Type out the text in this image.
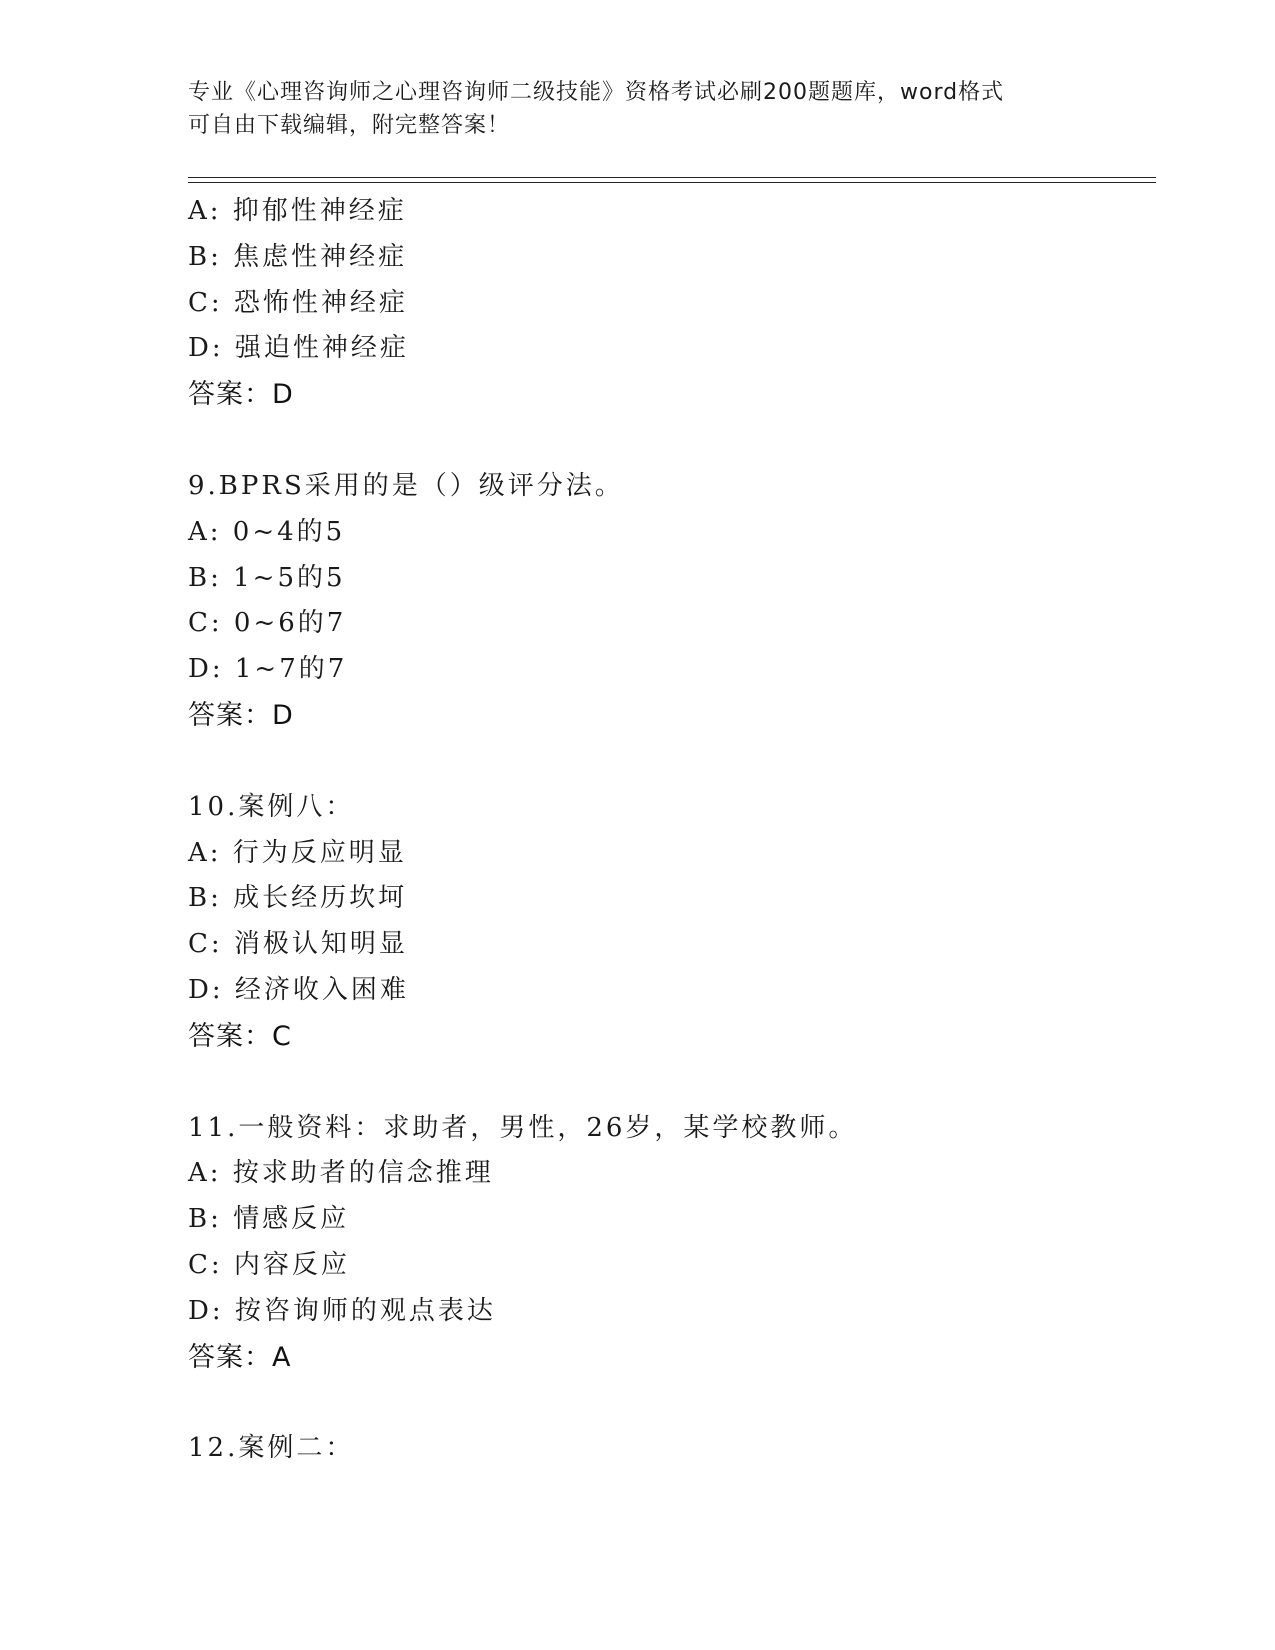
专业《心理咨询师之心理咨询师二级技能》资格考试必刷200题题库，word格式
可自由下载编辑，附完整答案！
A: 抑郁性神经症
B: 焦虑性神经症
C: 恐怖性神经症
D: 强迫性神经症
答案：D
9.BPRS采用的是（）级评分法。
A: 0~4的5
B: 1~5的5
C: 0~6的7
D: 1~7的7
答案：D
10.案例八：
A: 行为反应明显
B: 成长经历坎坷
C: 消极认知明显
D: 经济收入困难
答案：C
11.一般资料：求助者，男性，26岁，某学校教师。
A: 按求助者的信念推理
B: 情感反应
C: 内容反应
D: 按咨询师的观点表达
答案：A
12.案例二：
